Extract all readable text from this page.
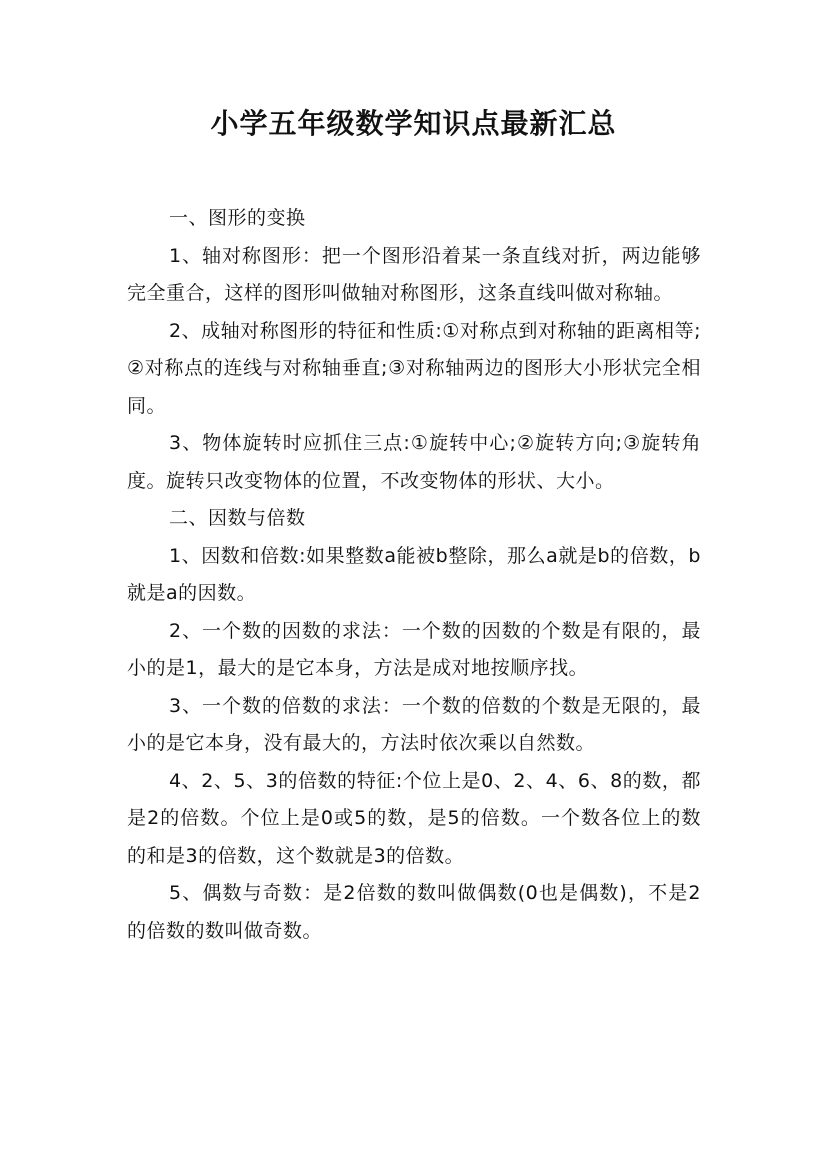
小学五年级数学知识点最新汇总

一、图形的变换

1、轴对称图形：把一个图形沿着某一条直线对折，两边能够完全重合，这样的图形叫做轴对称图形，这条直线叫做对称轴。

2、成轴对称图形的特征和性质:①对称点到对称轴的距离相等;②对称点的连线与对称轴垂直;③对称轴两边的图形大小形状完全相同。

3、物体旋转时应抓住三点:①旋转中心;②旋转方向;③旋转角度。旋转只改变物体的位置，不改变物体的形状、大小。

二、因数与倍数

1、因数和倍数:如果整数a能被b整除，那么a就是b的倍数，b就是a的因数。

2、一个数的因数的求法：一个数的因数的个数是有限的，最小的是1，最大的是它本身，方法是成对地按顺序找。

3、一个数的倍数的求法：一个数的倍数的个数是无限的，最小的是它本身，没有最大的，方法时依次乘以自然数。

4、2、5、3的倍数的特征:个位上是0、2、4、6、8的数，都是2的倍数。个位上是0或5的数，是5的倍数。一个数各位上的数的和是3的倍数，这个数就是3的倍数。

5、偶数与奇数：是2倍数的数叫做偶数(0也是偶数)，不是2的倍数的数叫做奇数。
